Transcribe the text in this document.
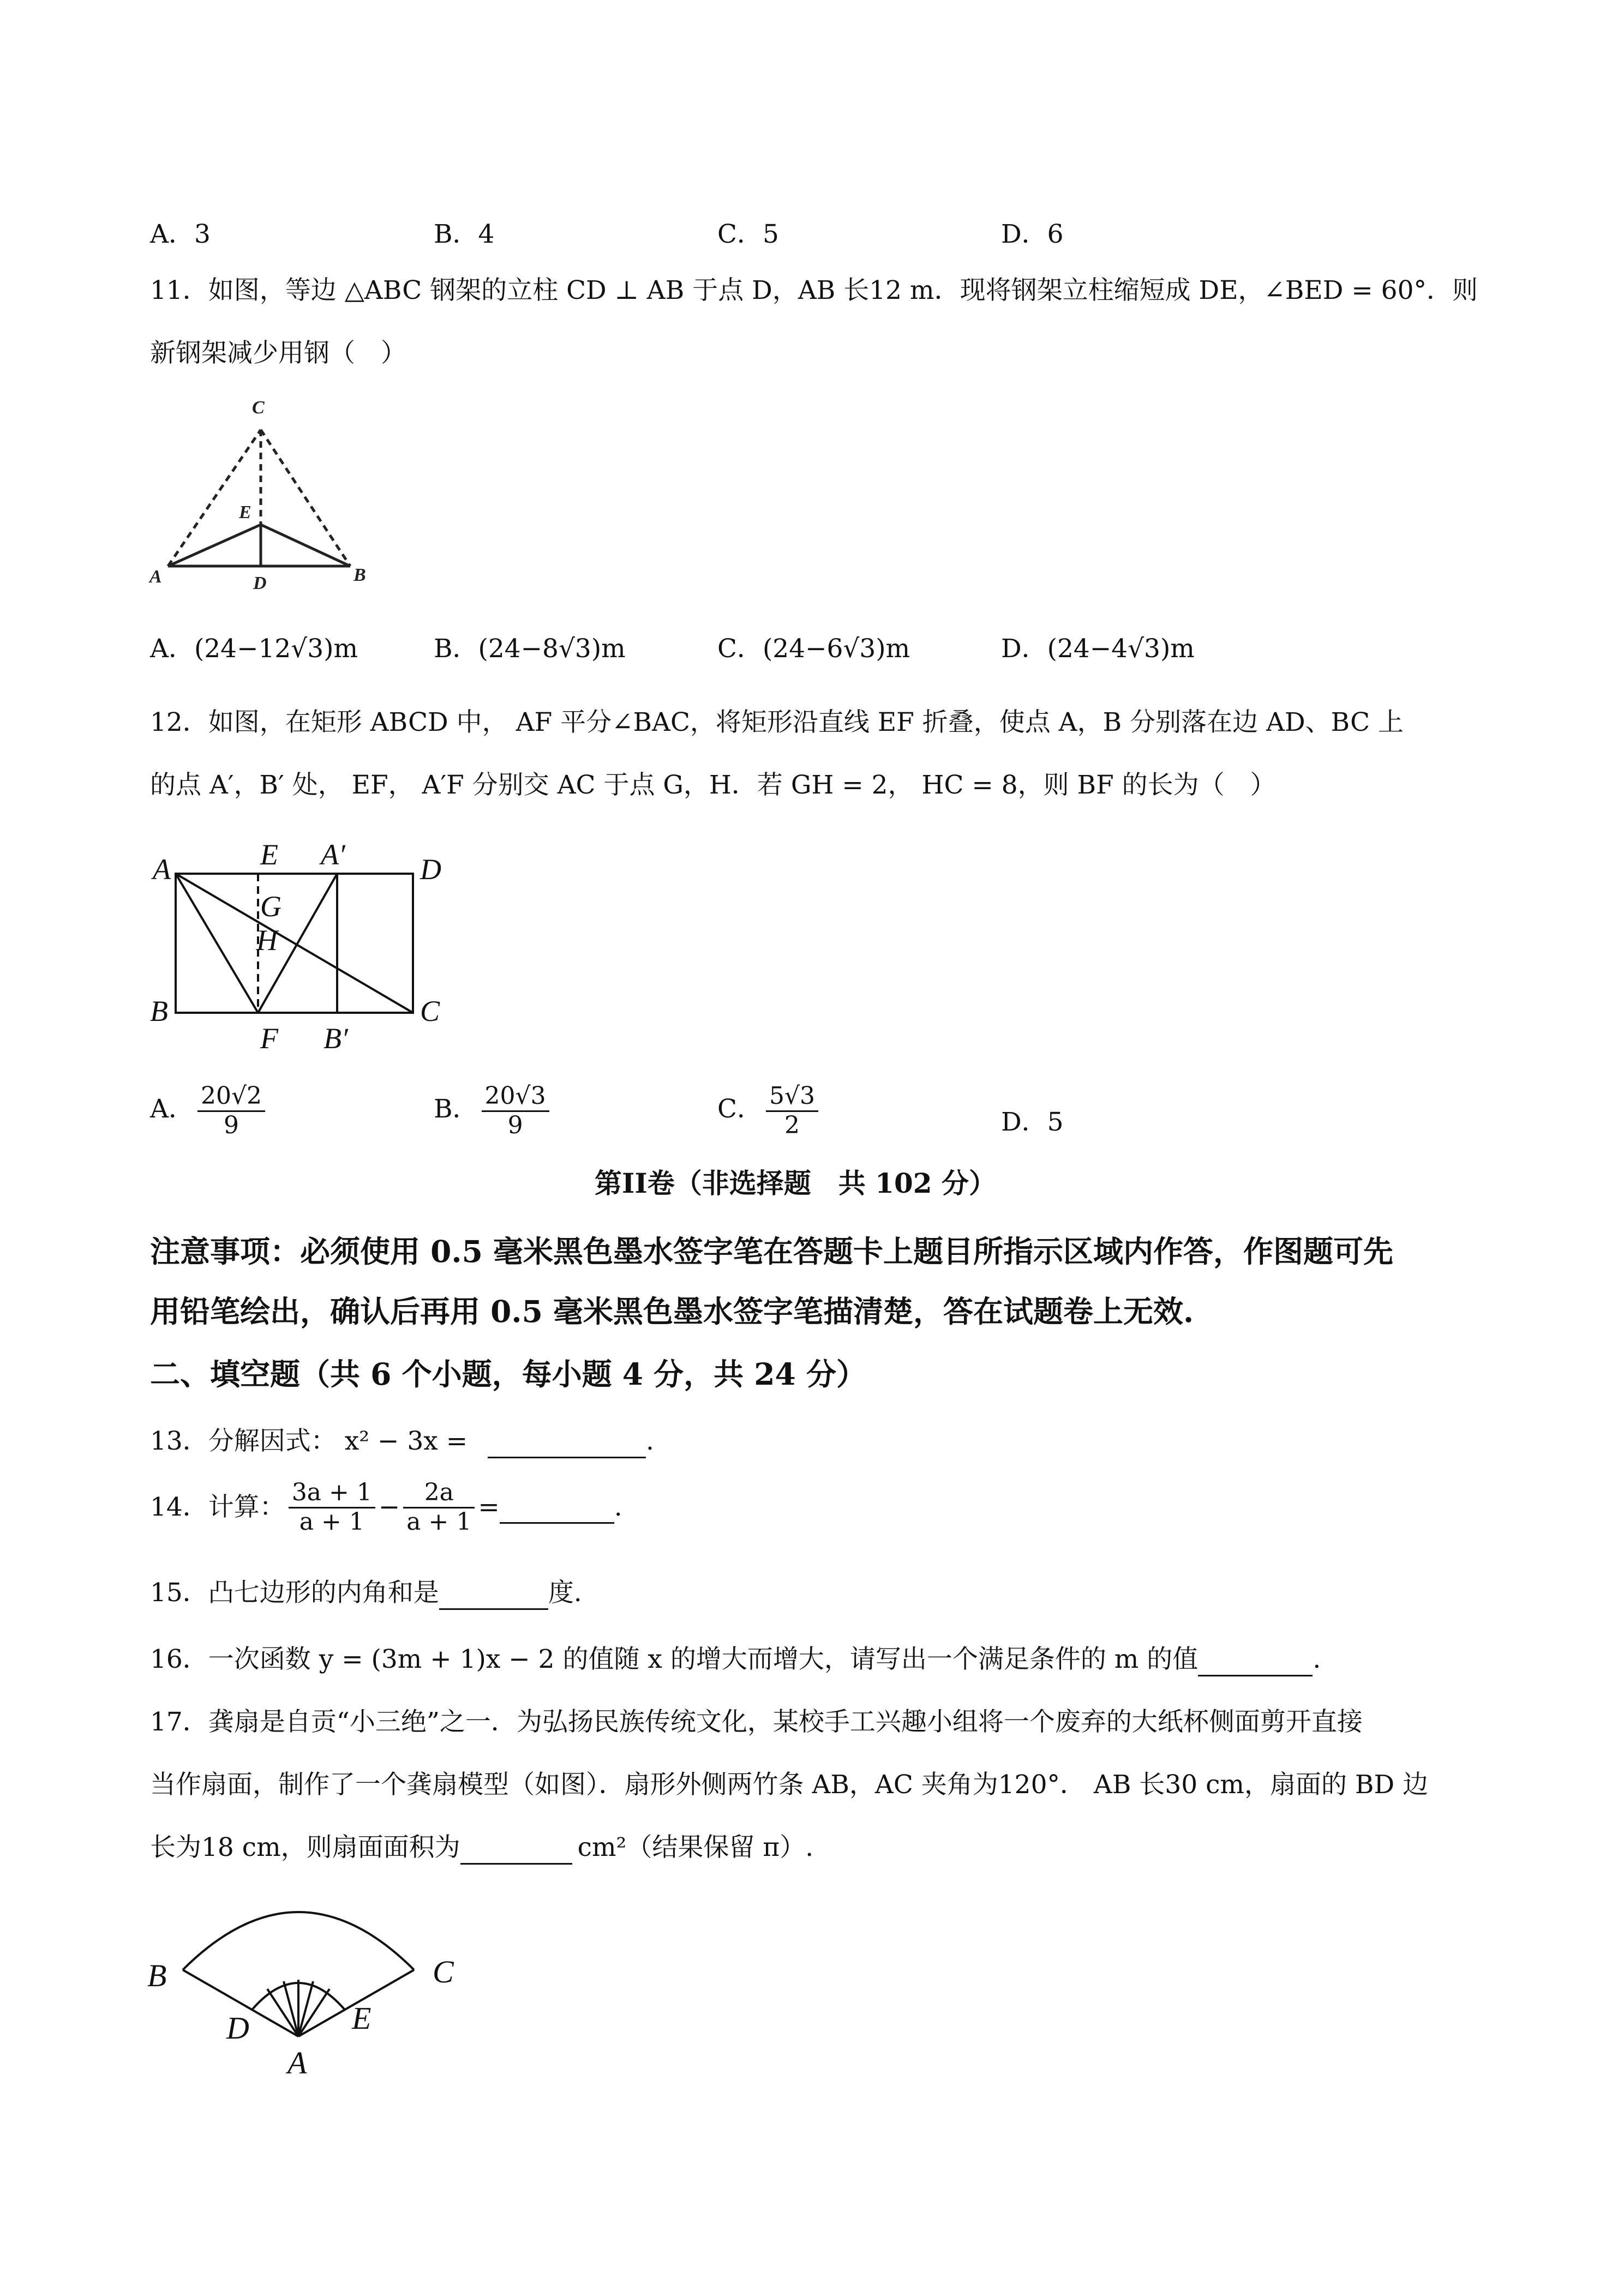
A．3	B．4	C．5	D．6
11．如图，等边 △ABC 钢架的立柱 CD ⊥ AB 于点 D，AB 长12 m．现将钢架立柱缩短成 DE，∠BED = 60°．则
新钢架减少用钢（　）
C
E
A	D	B
A．(24−12√3)m	B．(24−8√3)m	C．(24−6√3)m	D．(24−4√3)m
12．如图，在矩形 ABCD 中， AF 平分∠BAC，将矩形沿直线 EF 折叠，使点 A，B 分别落在边 AD、BC 上
的点 A′，B′ 处， EF， A′F 分别交 AC 于点 G，H．若 GH = 2， HC = 8，则 BF 的长为（　）
A	E A′	D
G
H
B
F B′
C
A． $\frac{20√2}{9}$	B． $\frac{20√3}{9}$	C． $\frac{5√3}{2}$	D．5
第II卷（非选择题　共 102 分）
注意事项：必须使用 0.5 毫米黑色墨水签字笔在答题卡上题目所指示区域内作答，作图题可先
用铅笔绘出，确认后再用 0.5 毫米黑色墨水签字笔描清楚，答在试题卷上无效.
二、填空题（共 6 个小题，每小题 4 分，共 24 分）
13．分解因式： x² − 3x =	.
14．计算： $\frac{3a + 1}{a + 1} - \frac{2a}{a + 1}$ =	.
15．凸七边形的内角和是	度.
16．一次函数 y = (3m + 1)x − 2 的值随 x 的增大而增大，请写出一个满足条件的 m 的值	.
17．龚扇是自贡“小三绝”之一．为弘扬民族传统文化，某校手工兴趣小组将一个废弃的大纸杯侧面剪开直接
当作扇面，制作了一个龚扇模型（如图）．扇形外侧两竹条 AB，AC 夹角为120°． AB 长30 cm，扇面的 BD 边
长为18 cm，则扇面面积为	cm²（结果保留 π）.
B	C
D	E
A
